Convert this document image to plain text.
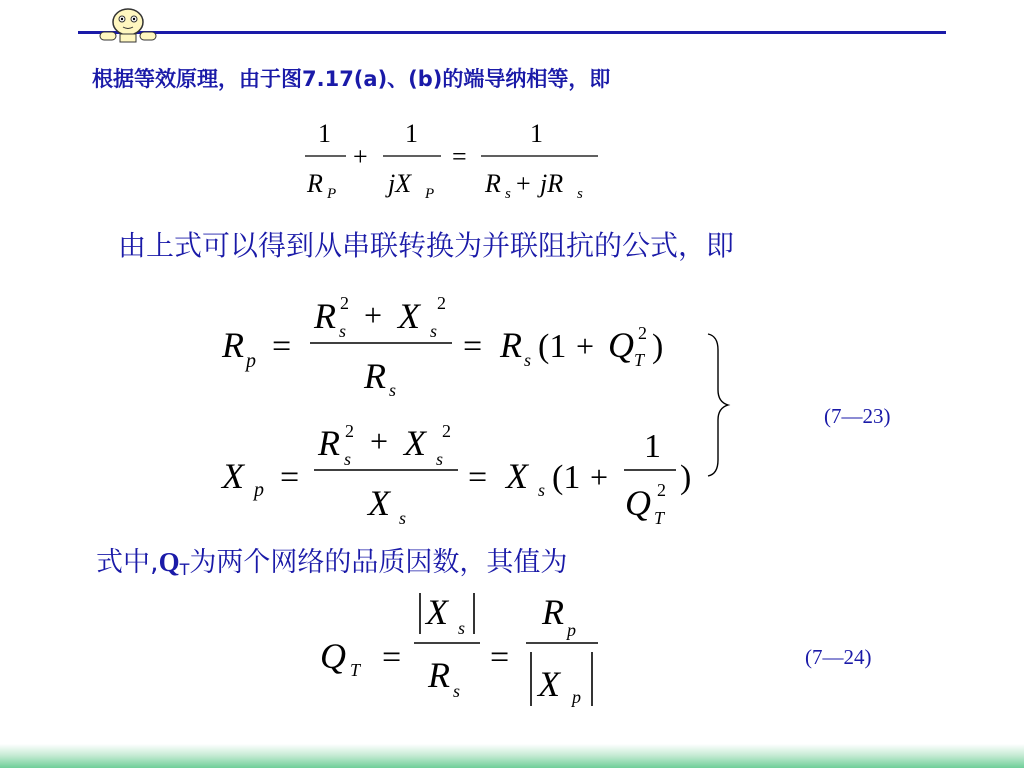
根据等效原理，由于图7.17(a)、(b)的端导纳相等，即
由上式可以得到从串联转换为并联阻抗的公式，即
式中$,Q_T$为两个网络的品质因数，其值为
1
R P
+
1
jX P
=
1
R s + jR s
R p =
R 2
s + X 2
s
R s
= R s (1 + Q 2
T )
X p =
R 2
s + X 2
s
X s
= X s (1 +
1
Q 2
T
)
Q T =
X s
R s
=
R p
X p
(7—23)
(7—24)
